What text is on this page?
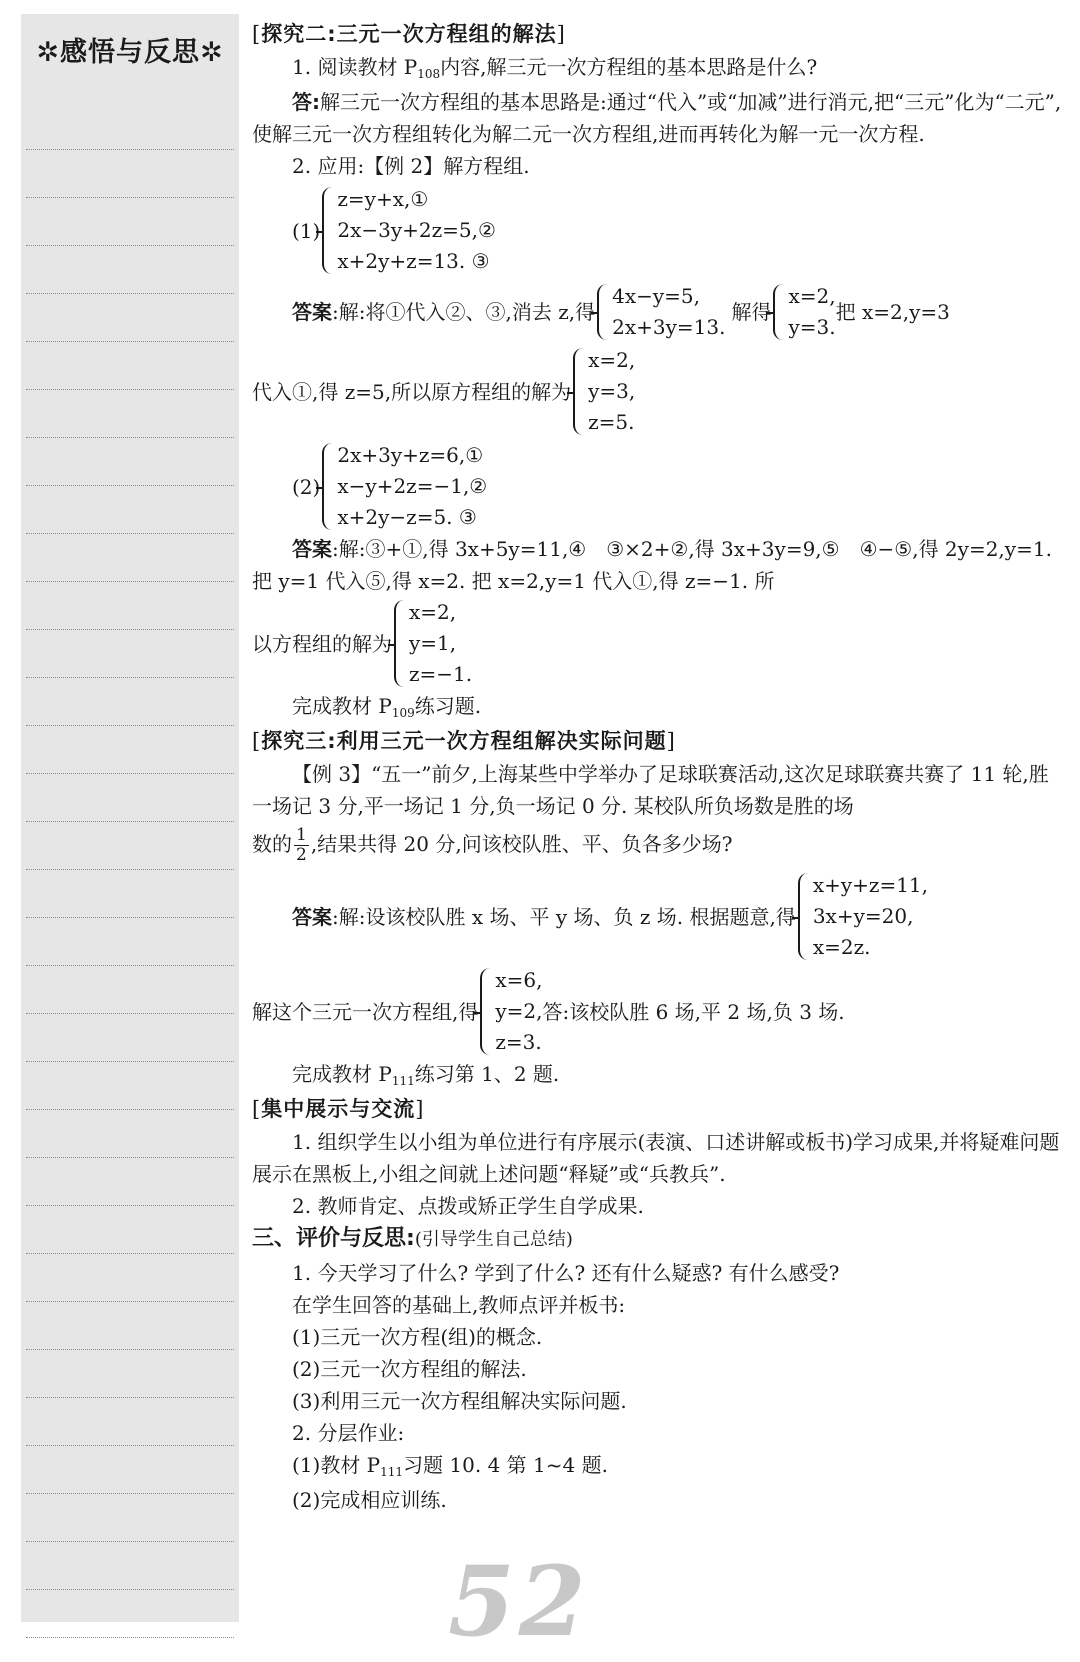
✲感悟与反思✲
[探究二:三元一次方程组的解法]

1. 阅读教材 $P_{108}$内容,解三元一次方程组的基本思路是什么?

答:解三元一次方程组的基本思路是:通过“代入”或“加减”进行消元,把“三元”化为“二元”,使解三元一次方程组转化为解二元一次方程组,进而再转化为解一元一次方程.

2. 应用:【例 2】解方程组.

(1)
z=y+x,①
2x−3y+2z=5,②
x+2y+z=13. ③
答案 :解:将①代入②、③,消去 z,得
4x−y=5,
2x+3y=13.
解得
x=2,
y=3.
把 x=2,y=3
代入①,得 z=5,所以原方程组的解为
x=2,
y=3,
z=5.
(2)
2x+3y+z=6,①
x−y+2z=−1,②
x+2y−z=5. ③

答案:解:③+①,得 3x+5y=11,④　③×2+②,得 3x+3y=9,⑤　④−⑤,得 2y=2,y=1. 把 y=1 代入⑤,得 x=2. 把 x=2,y=1 代入①,得 z=−1. 所

以方程组的解为
x=2,
y=1,
z=−1.

完成教材 $P_{109}$练习题.

[探究三:利用三元一次方程组解决实际问题]

【例 3】“五一”前夕,上海某些中学举办了足球联赛活动,这次足球联赛共赛了 11 轮,胜一场记 3 分,平一场记 1 分,负一场记 0 分. 某校队所负场数是胜的场

数的 $\frac{1}{2}$ ,结果共得 20 分,问该校队胜、平、负各多少场?

答案 :解:设该校队胜 x 场、平 y 场、负 z 场. 根据题意,得
x+y+z=11,
3x+y=20,
x=2z.
解这个三元一次方程组,得
x=6,
y=2,
z=3.
答:该校队胜 6 场,平 2 场,负 3 场.

完成教材 $P_{111}$练习第 1、2 题.

[集中展示与交流]

1. 组织学生以小组为单位进行有序展示(表演、口述讲解或板书)学习成果,并将疑难问题展示在黑板上,小组之间就上述问题“释疑”或“兵教兵”.

2. 教师肯定、点拨或矫正学生自学成果.

三、评价与反思:(引导学生自己总结)

1. 今天学习了什么? 学到了什么? 还有什么疑惑? 有什么感受?

在学生回答的基础上,教师点评并板书:

(1)三元一次方程(组)的概念.

(2)三元一次方程组的解法.

(3)利用三元一次方程组解决实际问题.

2. 分层作业:

(1)教材 $P_{111}$习题 10. 4 第 1~4 题.

(2)完成相应训练.

52
